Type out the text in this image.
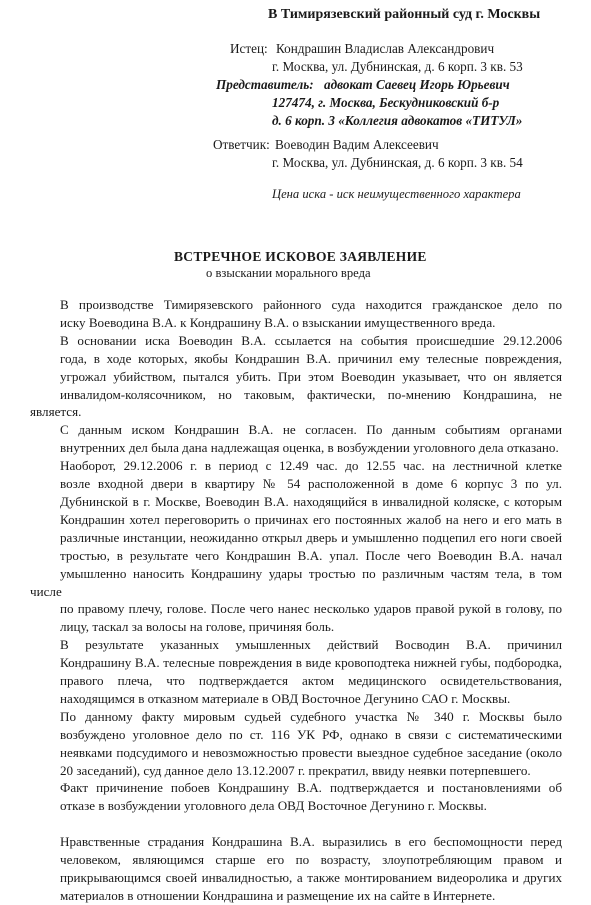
В Тимирязевский районный суд г. Москвы
Истец: Кондрашин Владислав Александрович
г. Москва, ул. Дубнинская, д. 6 корп. 3 кв. 53
Представитель: адвокат Саевец Игорь Юрьевич
127474, г. Москва, Бескудниковский б-р
д. 6 корп. 3 «Коллегия адвокатов «ТИТУЛ»
Ответчик: Воеводин Вадим Алексеевич
г. Москва, ул. Дубнинская, д. 6 корп. 3 кв. 54
Цена иска - иск неимущественного характера
ВСТРЕЧНОЕ ИСКОВОЕ ЗАЯВЛЕНИЕ
о взыскании морального вреда

В производстве Тимирязевского районного суда находится гражданское дело по
иску Воеводина В.А. к Кондрашину В.А. о взыскании имущественного вреда.

В основании иска Воеводин В.А. ссылается на события происшедшие 29.12.2006
года, в ходе которых, якобы Кондрашин В.А. причинил ему телесные повреждения,
угрожал убийством, пытался убить. При этом Воеводин указывает, что он является
инвалидом-колясочником, но таковым, фактически, по-мнению Кондрашина, не является.

С данным иском Кондрашин В.А. не согласен. По данным событиям органами
внутренних дел была дана надлежащая оценка, в возбуждении уголовного дела отказано.

Наоборот, 29.12.2006 г. в период с 12.49 час. до 12.55 час. на лестничной клетке
возле входной двери в квартиру № 54 расположенной в доме 6 корпус 3 по ул.
Дубнинской в г. Москве, Воеводин В.А. находящийся в инвалидной коляске, с которым
Кондрашин хотел переговорить о причинах его постоянных жалоб на него и его мать в
различные инстанции, неожиданно открыл дверь и умышленно подцепил его ноги своей
тростью, в результате чего Кондрашин В.А. упал. После чего Воеводин В.А. начал
умышленно наносить Кондрашину удары тростью по различным частям тела, в том числе
по правому плечу, голове. После чего нанес несколько ударов правой рукой в голову, по
лицу, таскал за волосы на голове, причиняя боль.

В результате указанных умышленных действий Восводин В.А. причинил
Кондрашину В.А. телесные повреждения в виде кровоподтека нижней губы, подбородка,
правого плеча, что подтверждается актом медицинского освидетельствования,
находящимся в отказном материале в ОВД Восточное Дегунино САО г. Москвы.

По данному факту мировым судьей судебного участка № 340 г. Москвы было
возбуждено уголовное дело по ст. 116 УК РФ, однако в связи с систематическими
неявками подсудимого и невозможностью провести выездное судебное заседание (около
20 заседаний), суд данное дело 13.12.2007 г. прекратил, ввиду неявки потерпевшего.

Факт причинение побоев Кондрашину В.А. подтверждается и постановлениями об
отказе в возбуждении уголовного дела ОВД Восточное Дегунино г. Москвы.

Нравственные страдания Кондрашина В.А. выразились в его беспомощности перед
человеком, являющимся старше его по возрасту, злоупотребляющим правом и
прикрывающимся своей инвалидностью, а также монтированием видеоролика и других
материалов в отношении Кондрашина и размещение их на сайте в Интернете.
